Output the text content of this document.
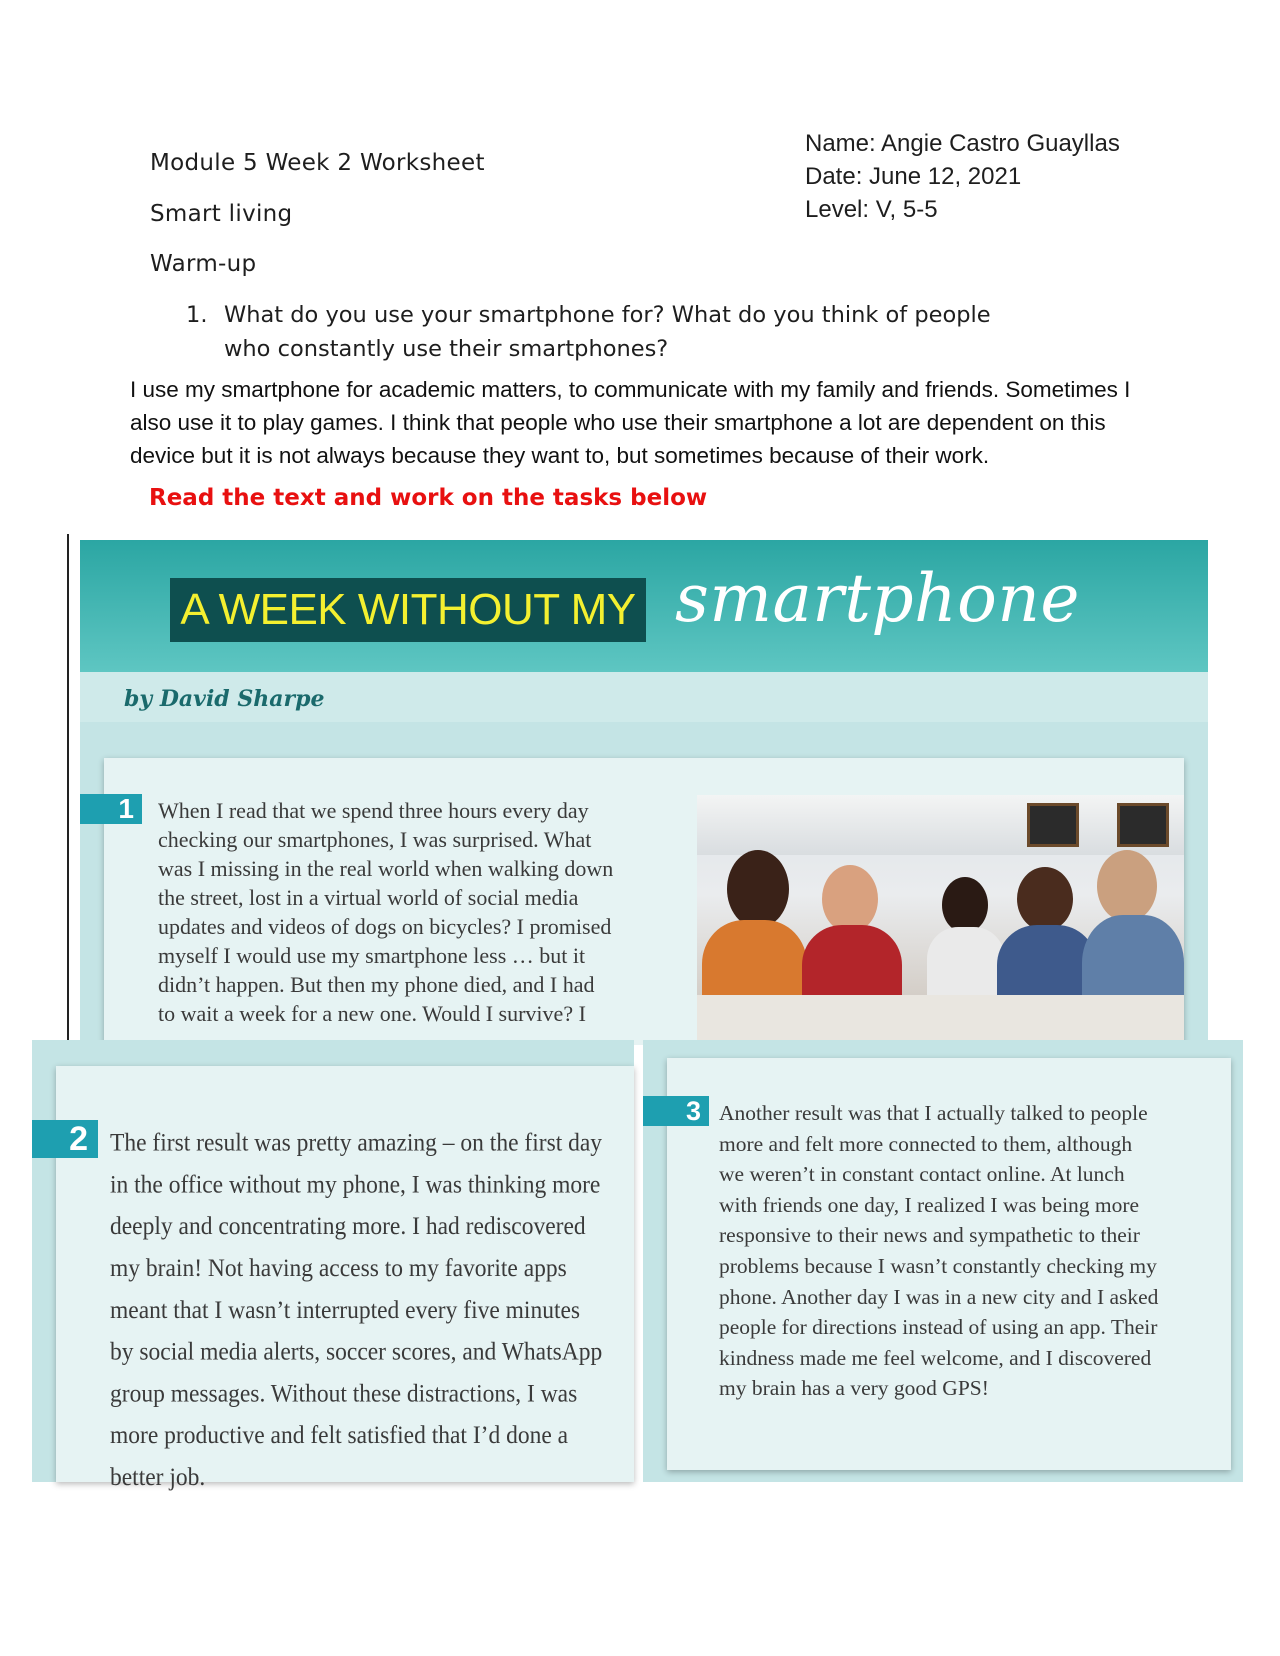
Module 5 Week 2 Worksheet
Smart living
Warm-up
Name: Angie Castro Guayllas
Date: June 12, 2021
Level: V, 5-5
1. What do you use your smartphone for? What do you think of people
who constantly use their smartphones?
I use my smartphone for academic matters, to communicate with my family and friends. Sometimes I
also use it to play games. I think that people who use their smartphone a lot are dependent on this
device but it is not always because they want to, but sometimes because of their work.
Read the text and work on the tasks below
A WEEK WITHOUT MY smartphone
by David Sharpe
1	When I read that we spend three hours every day
checking our smartphones, I was surprised. What
was I missing in the real world when walking down
the street, lost in a virtual world of social media
updates and videos of dogs on bicycles? I promised
myself I would use my smartphone less … but it
didn’t happen. But then my phone died, and I had
to wait a week for a new one. Would I survive? I
2 The first result was pretty amazing – on the first day
in the office without my phone, I was thinking more
deeply and concentrating more. I had rediscovered
my brain! Not having access to my favorite apps
meant that I wasn’t interrupted every five minutes
by social media alerts, soccer scores, and WhatsApp
group messages. Without these distractions, I was
more productive and felt satisfied that I’d done a
better job.
3 Another result was that I actually talked to people
more and felt more connected to them, although
we weren’t in constant contact online. At lunch
with friends one day, I realized I was being more
responsive to their news and sympathetic to their
problems because I wasn’t constantly checking my
phone. Another day I was in a new city and I asked
people for directions instead of using an app. Their
kindness made me feel welcome, and I discovered
my brain has a very good GPS!
